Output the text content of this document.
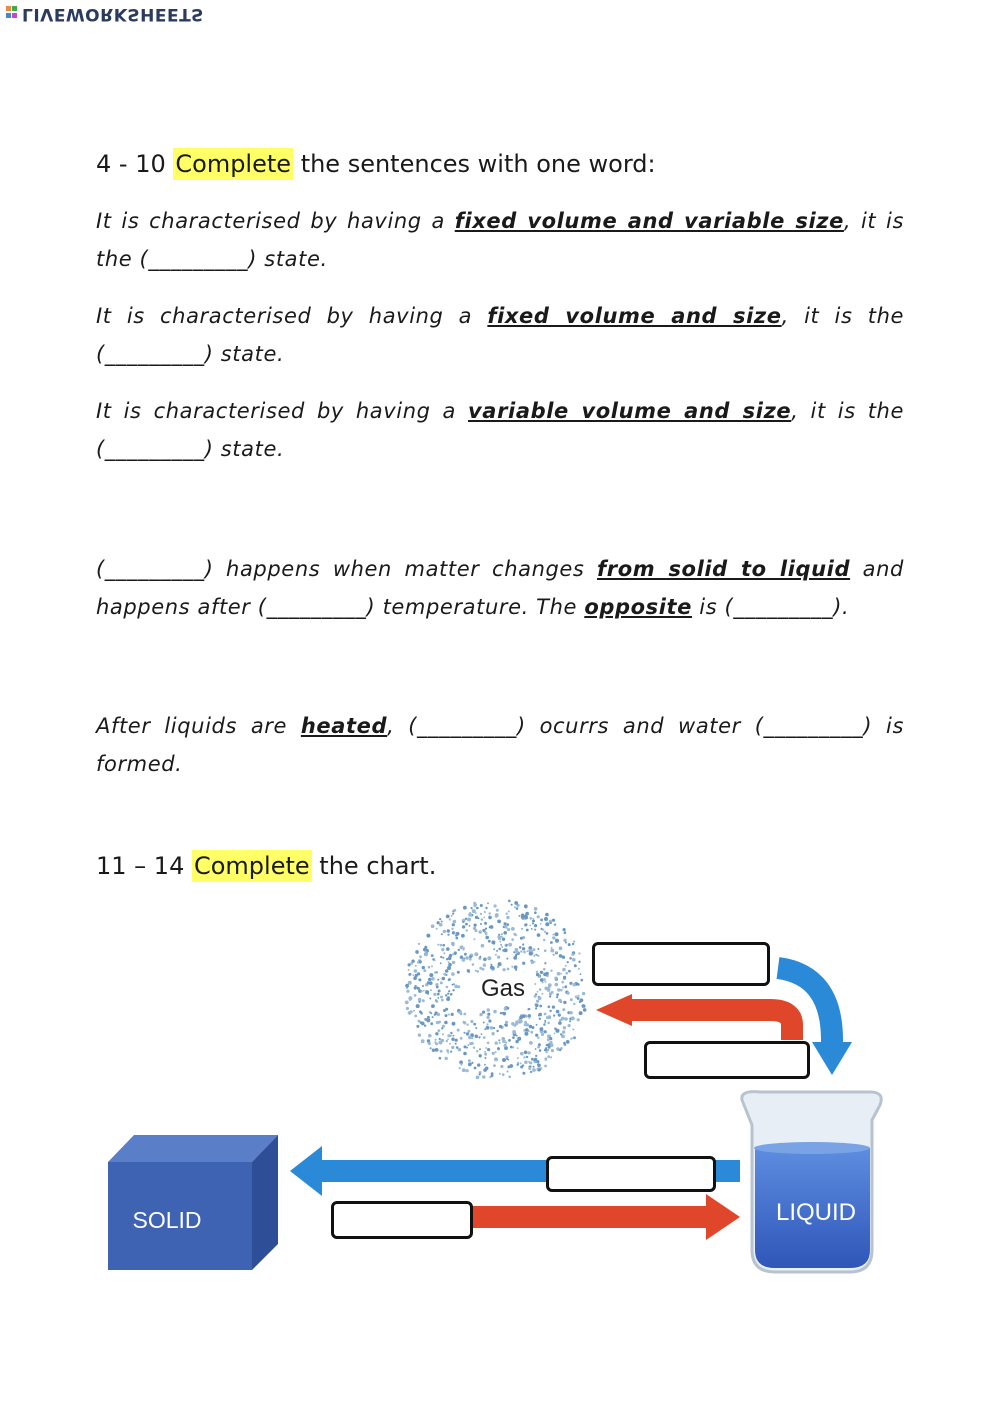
LIVEWORKSHEETS
4 - 10 Complete the sentences with one word:
It is characterised by having a fixed volume and variable size, it is the (_________) state.
It is characterised by having a fixed volume and size, it is the (_________) state.
It is characterised by having a variable volume and size, it is the (_________) state.
(_________) happens when matter changes from solid to liquid and happens after (_________) temperature. The opposite is (_________).
After liquids are heated, (_________) ocurrs and water (_________) is formed.
11 – 14 Complete the chart.
Gas
LIQUID
SOLID
